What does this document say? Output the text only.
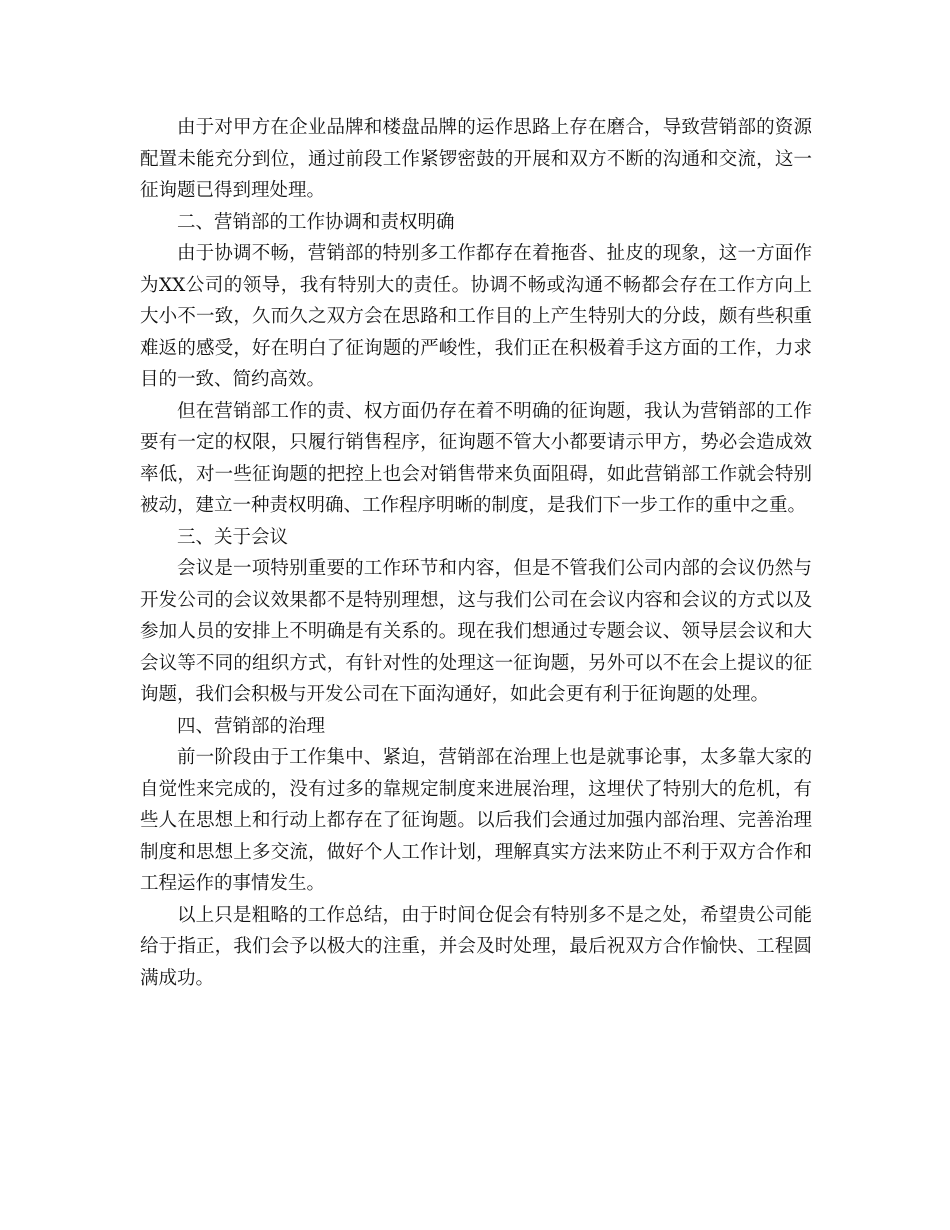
由于对甲方在企业品牌和楼盘品牌的运作思路上存在磨合，导致营销部的资源配置未能充分到位，通过前段工作紧锣密鼓的开展和双方不断的沟通和交流，这一征询题已得到理处理。

二、营销部的工作协调和责权明确

由于协调不畅，营销部的特别多工作都存在着拖沓、扯皮的现象，这一方面作为XX公司的领导，我有特别大的责任。协调不畅或沟通不畅都会存在工作方向上大小不一致，久而久之双方会在思路和工作目的上产生特别大的分歧，颇有些积重难返的感受，好在明白了征询题的严峻性，我们正在积极着手这方面的工作，力求目的一致、简约高效。

但在营销部工作的责、权方面仍存在着不明确的征询题，我认为营销部的工作要有一定的权限，只履行销售程序，征询题不管大小都要请示甲方，势必会造成效率低，对一些征询题的把控上也会对销售带来负面阻碍，如此营销部工作就会特别被动，建立一种责权明确、工作程序明晰的制度，是我们下一步工作的重中之重。

三、关于会议

会议是一项特别重要的工作环节和内容，但是不管我们公司内部的会议仍然与开发公司的会议效果都不是特别理想，这与我们公司在会议内容和会议的方式以及参加人员的安排上不明确是有关系的。现在我们想通过专题会议、领导层会议和大会议等不同的组织方式，有针对性的处理这一征询题，另外可以不在会上提议的征询题，我们会积极与开发公司在下面沟通好，如此会更有利于征询题的处理。

四、营销部的治理

前一阶段由于工作集中、紧迫，营销部在治理上也是就事论事，太多靠大家的自觉性来完成的，没有过多的靠规定制度来进展治理，这埋伏了特别大的危机，有些人在思想上和行动上都存在了征询题。以后我们会通过加强内部治理、完善治理制度和思想上多交流，做好个人工作计划，理解真实方法来防止不利于双方合作和工程运作的事情发生。

以上只是粗略的工作总结，由于时间仓促会有特别多不是之处，希望贵公司能给于指正，我们会予以极大的注重，并会及时处理，最后祝双方合作愉快、工程圆满成功。
